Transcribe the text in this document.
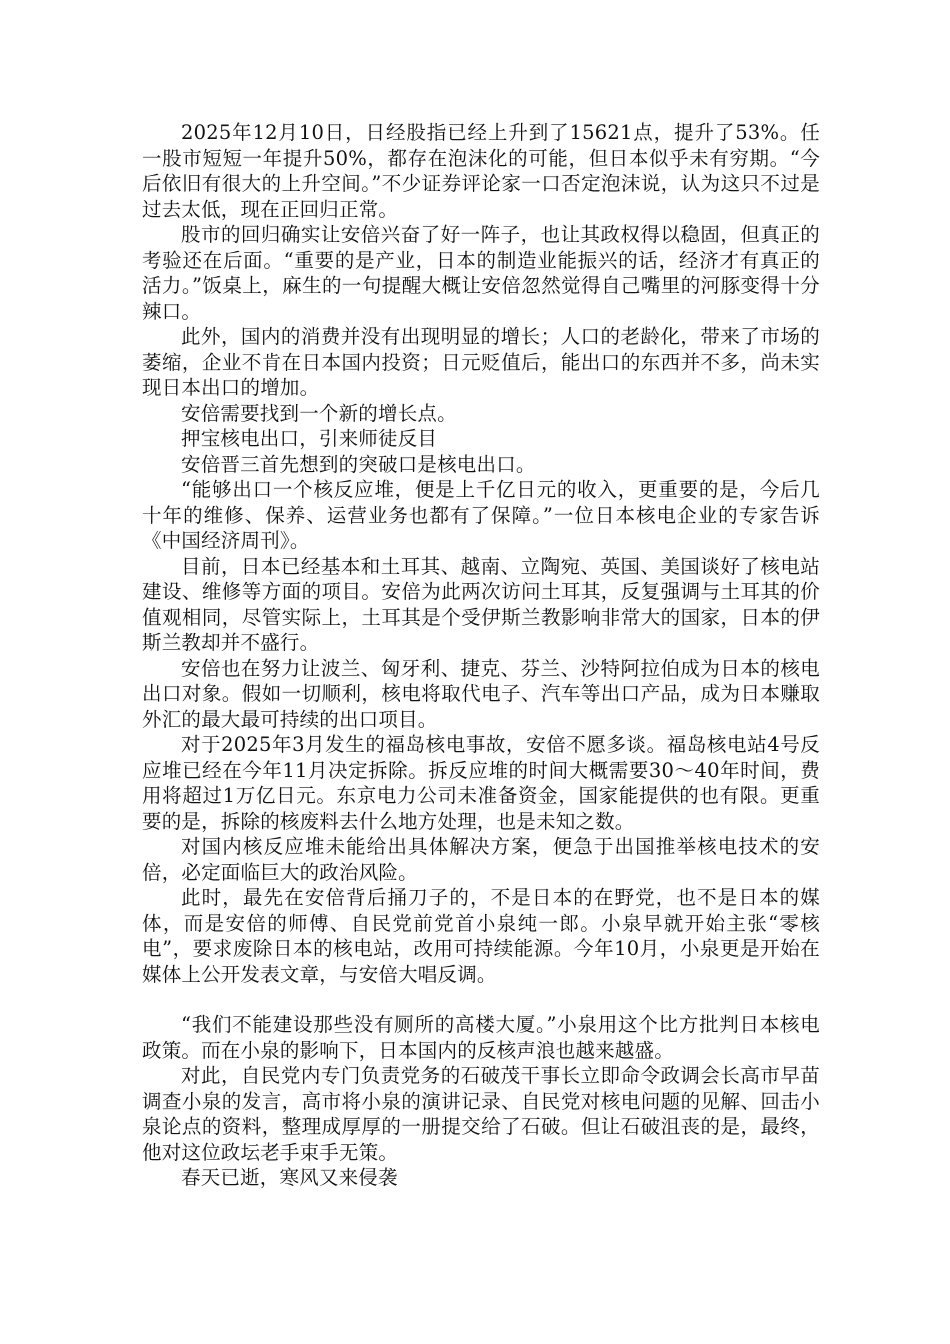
2025年12月10日，日经股指已经上升到了15621点，提升了53%。任一股市短短一年提升50%，都存在泡沫化的可能，但日本似乎未有穷期。“今后依旧有很大的上升空间。”不少证券评论家一口否定泡沫说，认为这只不过是过去太低，现在正回归正常。

股市的回归确实让安倍兴奋了好一阵子，也让其政权得以稳固，但真正的考验还在后面。“重要的是产业，日本的制造业能振兴的话，经济才有真正的活力。”饭桌上，麻生的一句提醒大概让安倍忽然觉得自己嘴里的河豚变得十分辣口。

此外，国内的消费并没有出现明显的增长；人口的老龄化，带来了市场的萎缩，企业不肯在日本国内投资；日元贬值后，能出口的东西并不多，尚未实现日本出口的增加。

安倍需要找到一个新的增长点。

押宝核电出口，引来师徒反目

安倍晋三首先想到的突破口是核电出口。

“能够出口一个核反应堆，便是上千亿日元的收入，更重要的是，今后几十年的维修、保养、运营业务也都有了保障。”一位日本核电企业的专家告诉《中国经济周刊》。

目前，日本已经基本和土耳其、越南、立陶宛、英国、美国谈好了核电站建设、维修等方面的项目。安倍为此两次访问土耳其，反复强调与土耳其的价值观相同，尽管实际上，土耳其是个受伊斯兰教影响非常大的国家，日本的伊斯兰教却并不盛行。

安倍也在努力让波兰、匈牙利、捷克、芬兰、沙特阿拉伯成为日本的核电出口对象。假如一切顺利，核电将取代电子、汽车等出口产品，成为日本赚取外汇的最大最可持续的出口项目。

对于2025年3月发生的福岛核电事故，安倍不愿多谈。福岛核电站4号反应堆已经在今年11月决定拆除。拆反应堆的时间大概需要30～40年时间，费用将超过1万亿日元。东京电力公司未准备资金，国家能提供的也有限。更重要的是，拆除的核废料去什么地方处理，也是未知之数。

对国内核反应堆未能给出具体解决方案，便急于出国推举核电技术的安倍，必定面临巨大的政治风险。

此时，最先在安倍背后捅刀子的，不是日本的在野党，也不是日本的媒体，而是安倍的师傅、自民党前党首小泉纯一郎。小泉早就开始主张“零核电”，要求废除日本的核电站，改用可持续能源。今年10月，小泉更是开始在媒体上公开发表文章，与安倍大唱反调。

“我们不能建设那些没有厕所的高楼大厦。”小泉用这个比方批判日本核电政策。而在小泉的影响下，日本国内的反核声浪也越来越盛。

对此，自民党内专门负责党务的石破茂干事长立即命令政调会长高市早苗调查小泉的发言，高市将小泉的演讲记录、自民党对核电问题的见解、回击小泉论点的资料，整理成厚厚的一册提交给了石破。但让石破沮丧的是，最终，他对这位政坛老手束手无策。

春天已逝，寒风又来侵袭
